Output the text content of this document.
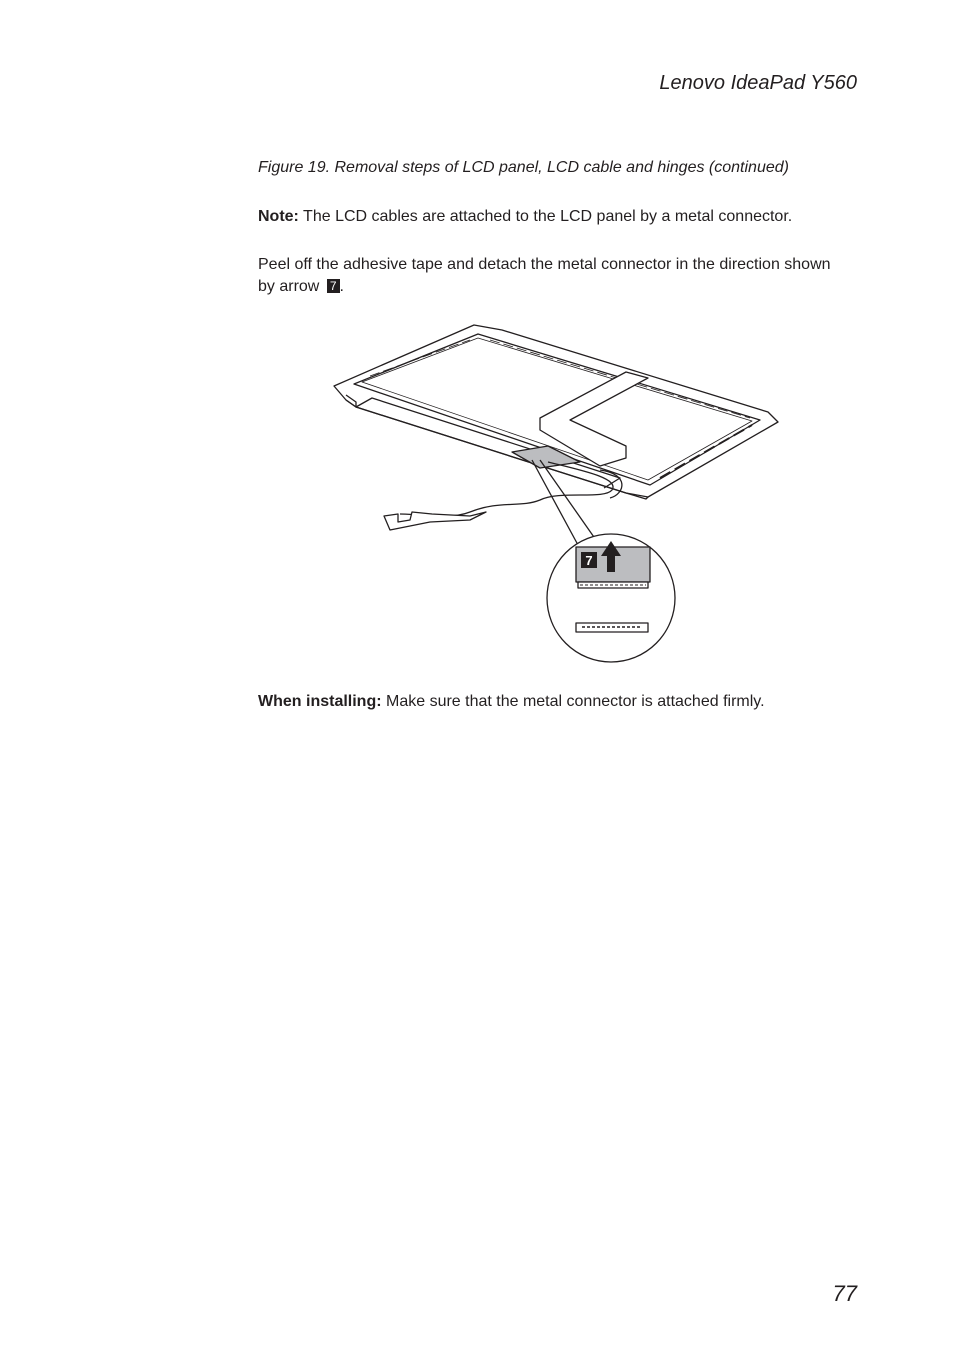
Lenovo IdeaPad Y560
Figure 19. Removal steps of LCD panel, LCD cable and hinges (continued)
Note: The LCD cables are attached to the LCD panel by a metal connector.
Peel off the adhesive tape and detach the metal connector in the direction shown by arrow 7 .
7
When installing: Make sure that the metal connector is attached firmly.
77
